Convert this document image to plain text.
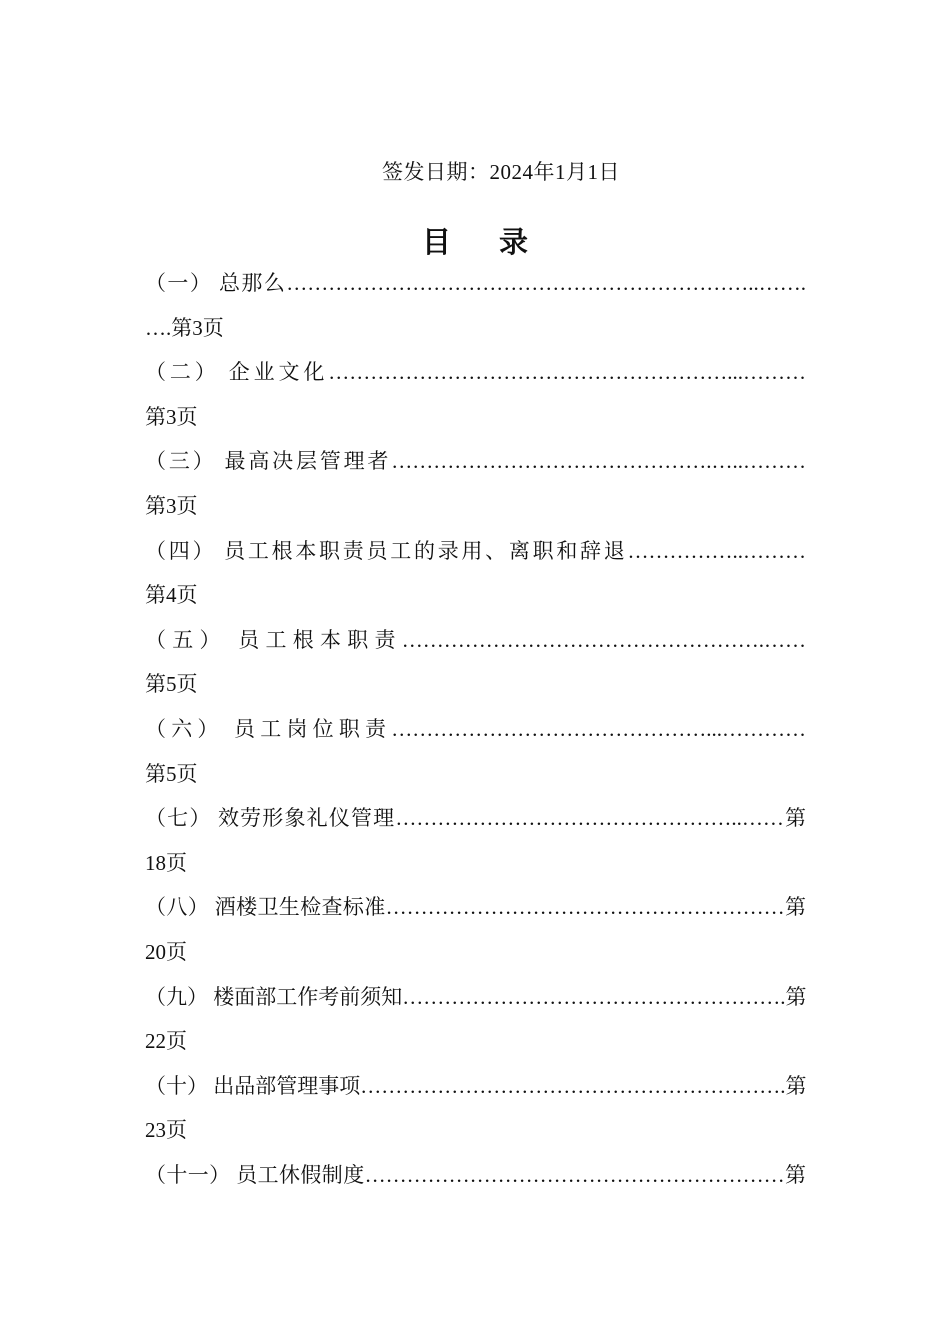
签发日期：2024年1月1日
目 录
（一） 总那么…………………………………………………………..…….
….第3页
（二） 企业文化…………………………………………………...………
第3页
（三） 最高决层管理者……………………………………….…..………
第3页
（四） 员工根本职责员工的录用、离职和辞退……………..………
第4页
（五） 员工根本职责…………………………………………….……
第5页
（六） 员工岗位职责………………………………………...…………
第5页
（七） 效劳形象礼仪管理…………………………………………..……第
18页
（八） 酒楼卫生检查标准…………………………………………………第
20页
（九） 楼面部工作考前须知……………………………………………….第
22页
（十） 出品部管理事项…………………………………………………….第
23页
（十一） 员工休假制度……………………………………………………第
